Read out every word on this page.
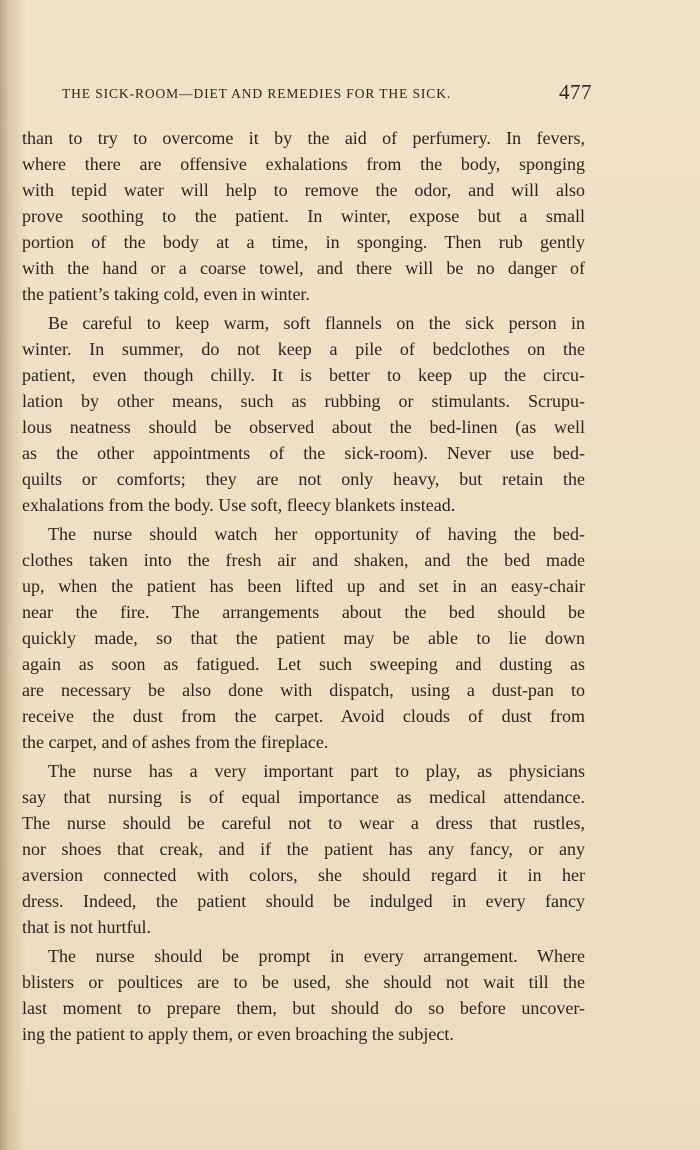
THE SICK-ROOM—DIET AND REMEDIES FOR THE SICK.	477
than to try to overcome it by the aid of perfumery. In fevers,
where there are offensive exhalations from the body, sponging
with tepid water will help to remove the odor, and will also
prove soothing to the patient. In winter, expose but a small
portion of the body at a time, in sponging. Then rub gently
with the hand or a coarse towel, and there will be no danger of
the patient’s taking cold, even in winter.
Be careful to keep warm, soft flannels on the sick person in
winter. In summer, do not keep a pile of bedclothes on the
patient, even though chilly. It is better to keep up the circu-
lation by other means, such as rubbing or stimulants. Scrupu-
lous neatness should be observed about the bed-linen (as well
as the other appointments of the sick-room). Never use bed-
quilts or comforts; they are not only heavy, but retain the
exhalations from the body. Use soft, fleecy blankets instead.
The nurse should watch her opportunity of having the bed-
clothes taken into the fresh air and shaken, and the bed made
up, when the patient has been lifted up and set in an easy-chair
near the fire. The arrangements about the bed should be
quickly made, so that the patient may be able to lie down
again as soon as fatigued. Let such sweeping and dusting as
are necessary be also done with dispatch, using a dust-pan to
receive the dust from the carpet. Avoid clouds of dust from
the carpet, and of ashes from the fireplace.
The nurse has a very important part to play, as physicians
say that nursing is of equal importance as medical attendance.
The nurse should be careful not to wear a dress that rustles,
nor shoes that creak, and if the patient has any fancy, or any
aversion connected with colors, she should regard it in her
dress. Indeed, the patient should be indulged in every fancy
that is not hurtful.
The nurse should be prompt in every arrangement. Where
blisters or poultices are to be used, she should not wait till the
last moment to prepare them, but should do so before uncover-
ing the patient to apply them, or even broaching the subject.
